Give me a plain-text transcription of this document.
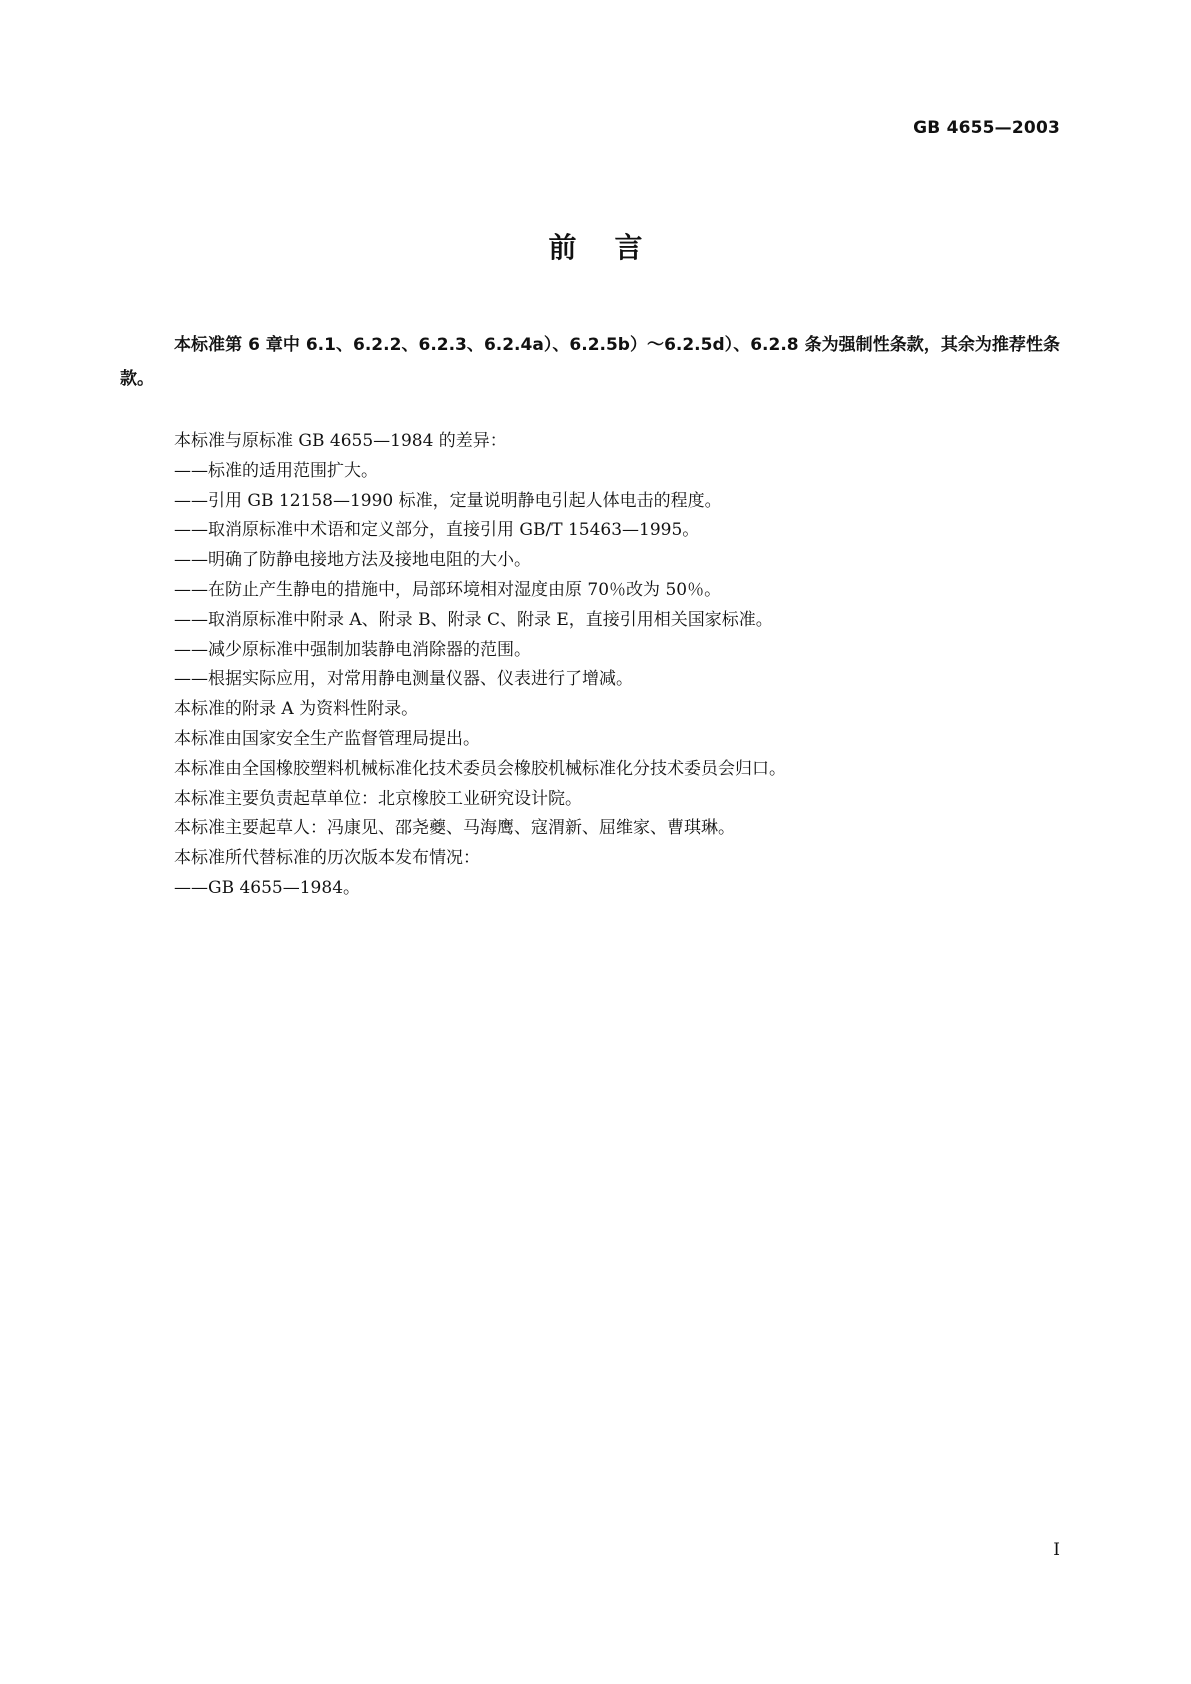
GB 4655—2003
前言
本标准第 6 章中 6.1、6.2.2、6.2.3、6.2.4a）、6.2.5b）～6.2.5d）、6.2.8 条为强制性条款，其余为推荐性条款。
本标准与原标准 GB 4655—1984 的差异：
——标准的适用范围扩大。
——引用 GB 12158—1990 标准，定量说明静电引起人体电击的程度。
——取消原标准中术语和定义部分，直接引用 GB/T 15463—1995。
——明确了防静电接地方法及接地电阻的大小。
——在防止产生静电的措施中，局部环境相对湿度由原 70％改为 50％。
——取消原标准中附录 A、附录 B、附录 C、附录 E，直接引用相关国家标准。
——减少原标准中强制加装静电消除器的范围。
——根据实际应用，对常用静电测量仪器、仪表进行了增减。
本标准的附录 A 为资料性附录。
本标准由国家安全生产监督管理局提出。
本标准由全国橡胶塑料机械标准化技术委员会橡胶机械标准化分技术委员会归口。
本标准主要负责起草单位：北京橡胶工业研究设计院。
本标准主要起草人：冯康见、邵尧夔、马海鹰、寇渭新、屈维家、曹琪琳。
本标准所代替标准的历次版本发布情况：
——GB 4655—1984。
I
